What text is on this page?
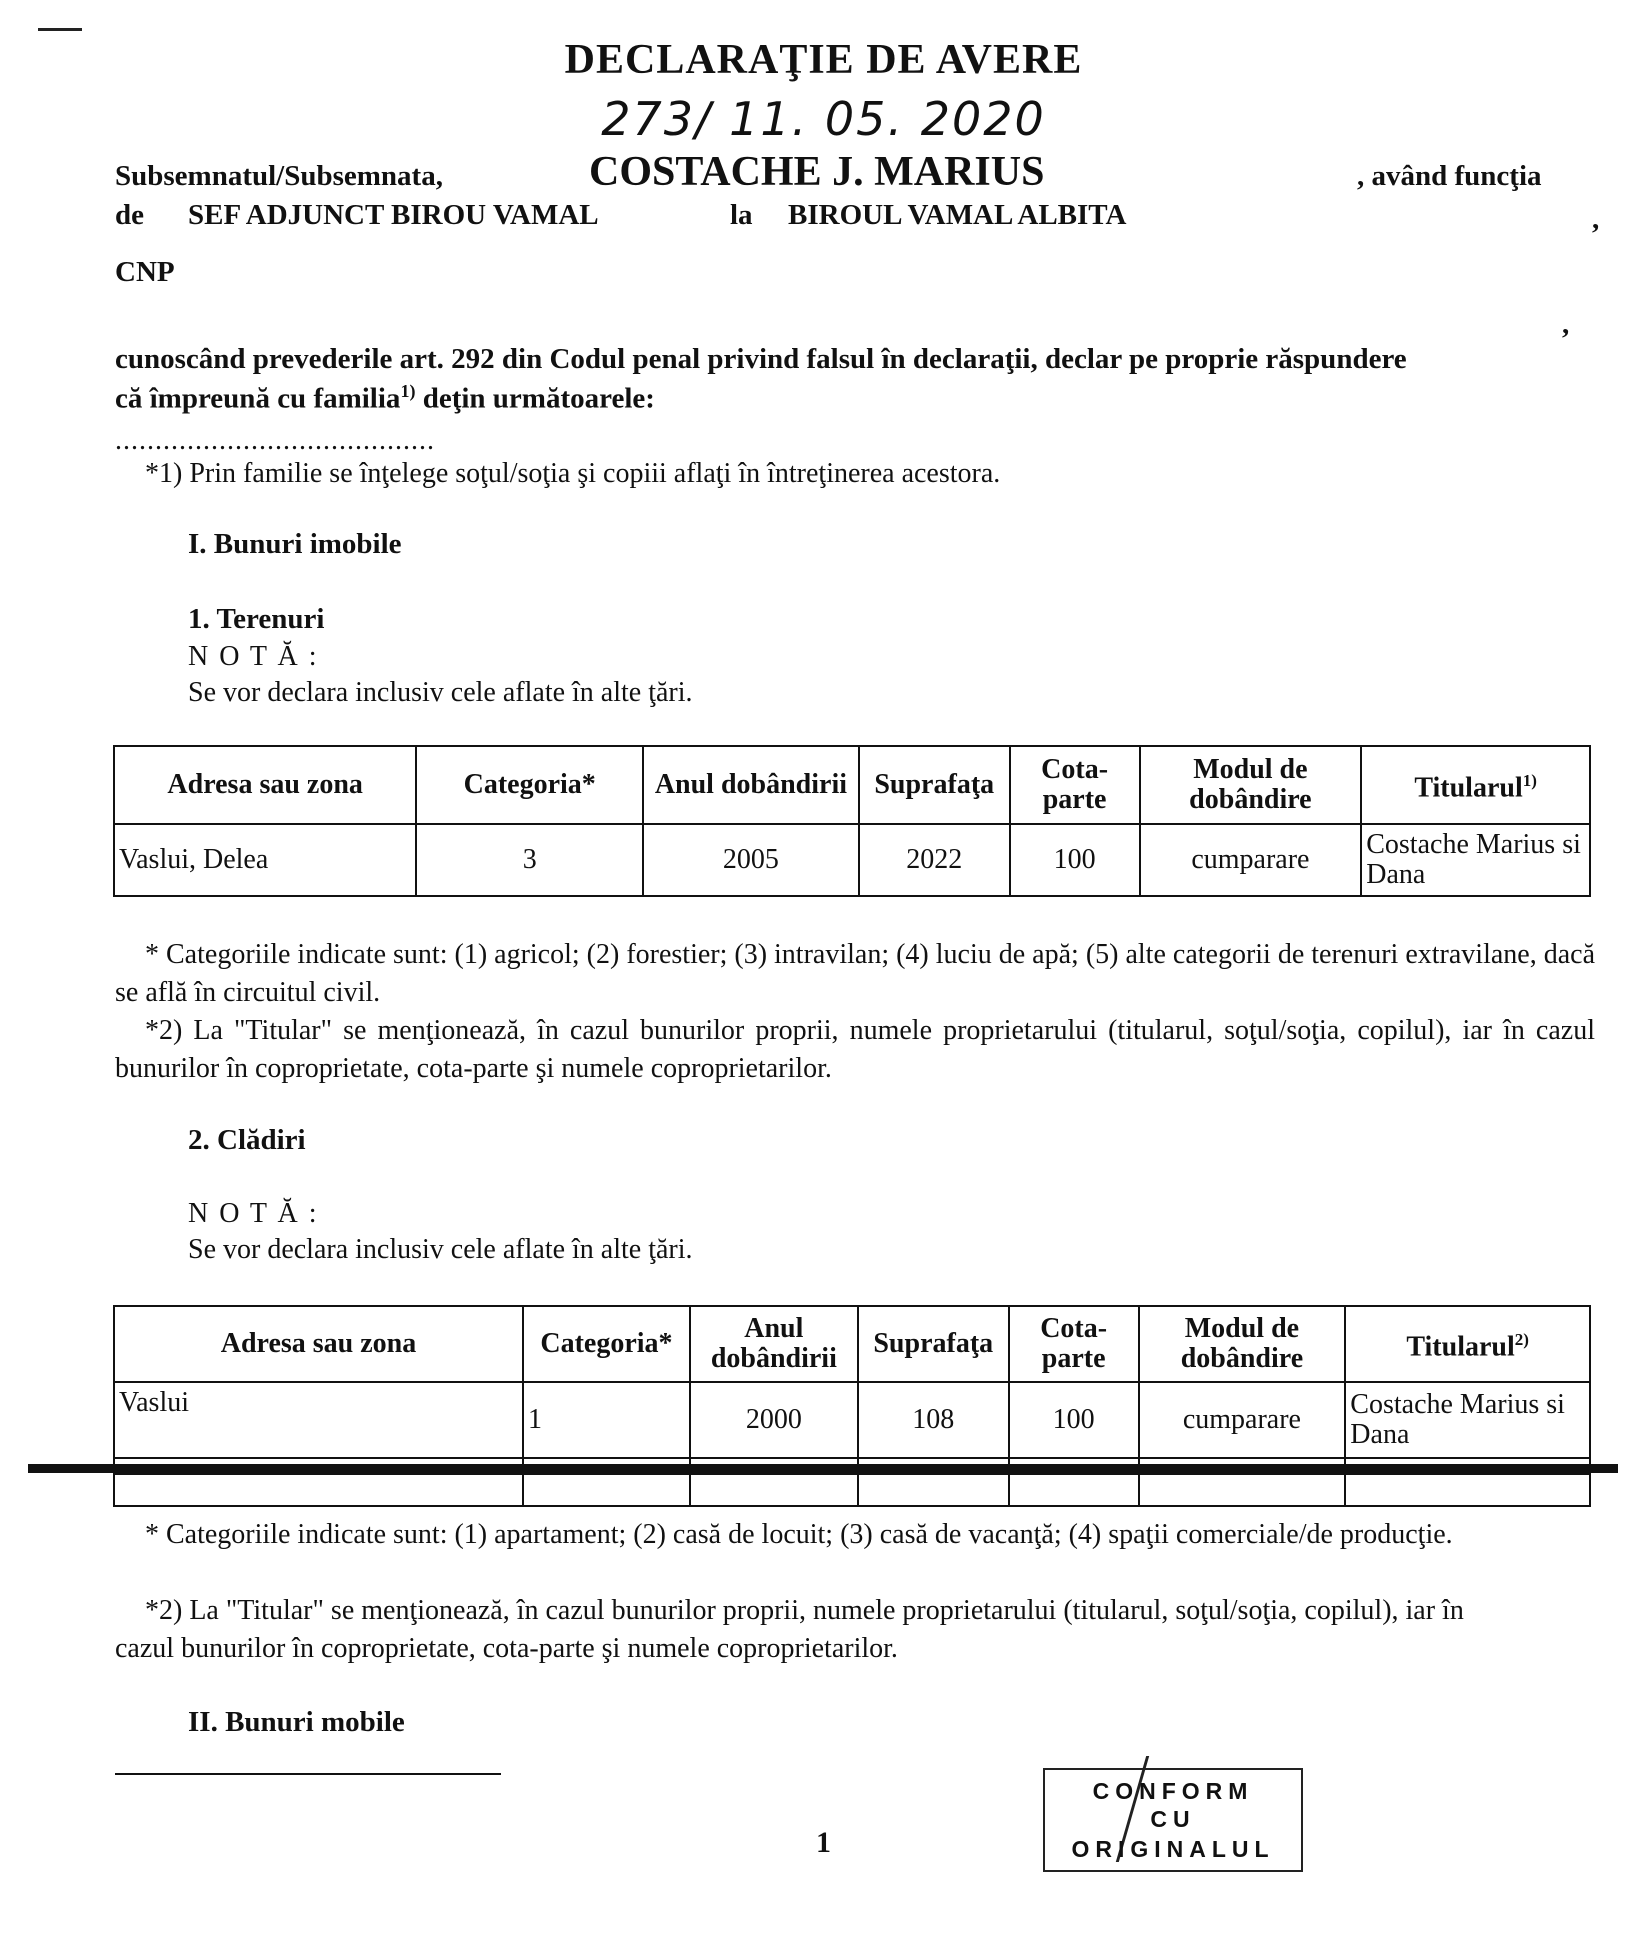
DECLARAŢIE DE AVERE
273/ 11. 05. 2020
Subsemnatul/Subsemnata,	COSTACHE J. MARIUS	, având funcţia
de SEF ADJUNCT BIROU VAMAL	la BIROUL VAMAL ALBITA	,
CNP
,
cunoscând prevederile art. 292 din Codul penal privind falsul în declaraţii, declar pe proprie răspundere
că împreună cu familia$^{1)}$ deţin următoarele:
........................................
*1) Prin familie se înţelege soţul/soţia şi copiii aflaţi în întreţinerea acestora.
I. Bunuri imobile
1. Terenuri
N O T Ă :
Se vor declara inclusiv cele aflate în alte ţări.
Adresa sau zona	Categoria*	Anul dobândirii	Suprafaţa	Cota-parte	Modul de dobândire	Titularul$^{1)}$
Vaslui, Delea	3	2005	2022	100	cumparare	Costache Marius si Dana
* Categoriile indicate sunt: (1) agricol; (2) forestier; (3) intravilan; (4) luciu de apă; (5) alte categorii de terenuri extravilane, dacă se află în circuitul civil.
*2) La "Titular" se menţionează, în cazul bunurilor proprii, numele proprietarului (titularul, soţul/soţia, copilul), iar în cazul bunurilor în coproprietate, cota-parte şi numele coproprietarilor.
2. Clădiri
N O T Ă :
Se vor declara inclusiv cele aflate în alte ţări.
Adresa sau zona	Categoria*	Anul dobândirii	Suprafaţa	Cota-parte	Modul de dobândire	Titularul$^{2)}$
Vaslui	1	2000	108	100	cumparare	Costache Marius si Dana

* Categoriile indicate sunt: (1) apartament; (2) casă de locuit; (3) casă de vacanţă; (4) spaţii comerciale/de producţie.
*2) La "Titular" se menţionează, în cazul bunurilor proprii, numele proprietarului (titularul, soţul/soţia, copilul), iar în cazul bunurilor în coproprietate, cota-parte şi numele coproprietarilor.
II. Bunuri mobile
1
CONFORM
CU
ORIGINALUL
